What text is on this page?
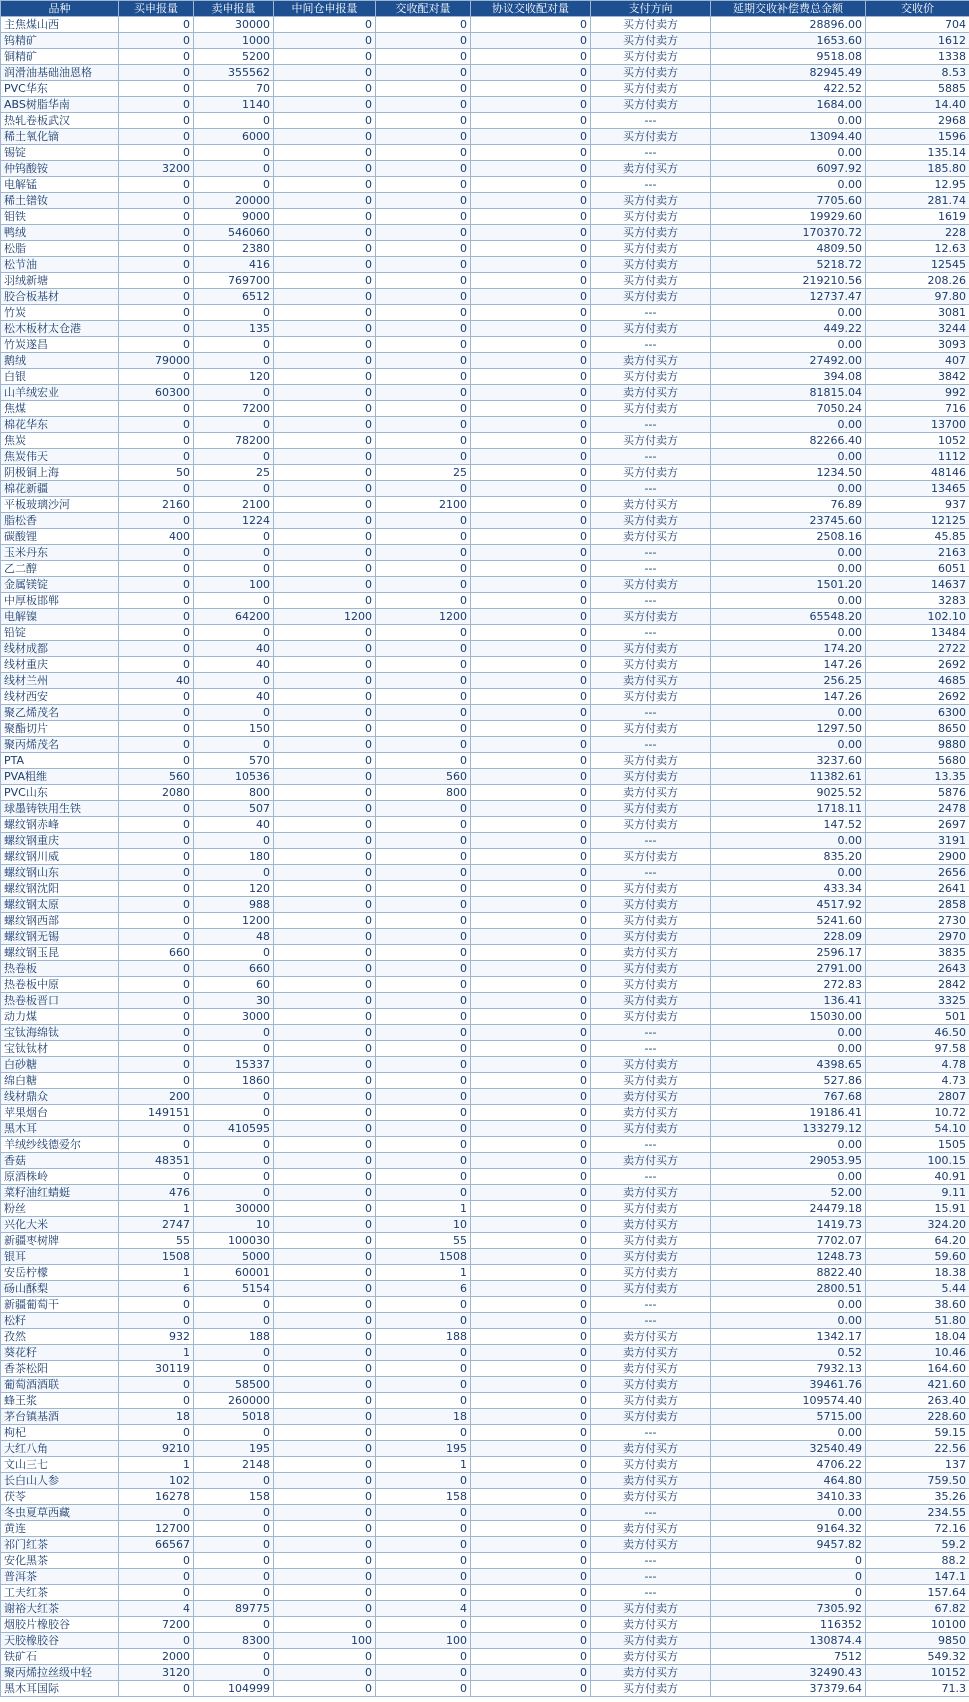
品种	买申报量	卖申报量	中间仓申报量	交收配对量	协议交收配对量	支付方向	延期交收补偿费总金额	交收价
主焦煤山西	0	30000	0	0	0	买方付卖方	28896.00	704
钨精矿	0	1000	0	0	0	买方付卖方	1653.60	1612
铜精矿	0	5200	0	0	0	买方付卖方	9518.08	1338
润滑油基础油恩格	0	355562	0	0	0	买方付卖方	82945.49	8.53
PVC华东	0	70	0	0	0	买方付卖方	422.52	5885
ABS树脂华南	0	1140	0	0	0	买方付卖方	1684.00	14.40
热轧卷板武汉	0	0	0	0	0	---	0.00	2968
稀土氧化镝	0	6000	0	0	0	买方付卖方	13094.40	1596
锡锭	0	0	0	0	0	---	0.00	135.14
仲钨酸铵	3200	0	0	0	0	卖方付买方	6097.92	185.80
电解锰	0	0	0	0	0	---	0.00	12.95
稀土镨钕	0	20000	0	0	0	买方付卖方	7705.60	281.74
钼铁	0	9000	0	0	0	买方付卖方	19929.60	1619
鸭绒	0	546060	0	0	0	买方付卖方	170370.72	228
松脂	0	2380	0	0	0	买方付卖方	4809.50	12.63
松节油	0	416	0	0	0	买方付卖方	5218.72	12545
羽绒新塘	0	769700	0	0	0	买方付卖方	219210.56	208.26
胶合板基材	0	6512	0	0	0	买方付卖方	12737.47	97.80
竹炭	0	0	0	0	0	---	0.00	3081
松木板材太仓港	0	135	0	0	0	买方付卖方	449.22	3244
竹炭遂昌	0	0	0	0	0	---	0.00	3093
鹅绒	79000	0	0	0	0	卖方付买方	27492.00	407
白银	0	120	0	0	0	买方付卖方	394.08	3842
山羊绒宏业	60300	0	0	0	0	卖方付买方	81815.04	992
焦煤	0	7200	0	0	0	买方付卖方	7050.24	716
棉花华东	0	0	0	0	0	---	0.00	13700
焦炭	0	78200	0	0	0	买方付卖方	82266.40	1052
焦炭伟天	0	0	0	0	0	---	0.00	1112
阴极铜上海	50	25	0	25	0	买方付卖方	1234.50	48146
棉花新疆	0	0	0	0	0	---	0.00	13465
平板玻璃沙河	2160	2100	0	2100	0	卖方付买方	76.89	937
脂松香	0	1224	0	0	0	买方付卖方	23745.60	12125
碳酸锂	400	0	0	0	0	卖方付买方	2508.16	45.85
玉米丹东	0	0	0	0	0	---	0.00	2163
乙二醇	0	0	0	0	0	---	0.00	6051
金属镁锭	0	100	0	0	0	买方付卖方	1501.20	14637
中厚板邯郸	0	0	0	0	0	---	0.00	3283
电解镍	0	64200	1200	1200	0	买方付卖方	65548.20	102.10
铅锭	0	0	0	0	0	---	0.00	13484
线材成都	0	40	0	0	0	买方付卖方	174.20	2722
线材重庆	0	40	0	0	0	买方付卖方	147.26	2692
线材兰州	40	0	0	0	0	卖方付买方	256.25	4685
线材西安	0	40	0	0	0	买方付卖方	147.26	2692
聚乙烯茂名	0	0	0	0	0	---	0.00	6300
聚酯切片	0	150	0	0	0	买方付卖方	1297.50	8650
聚丙烯茂名	0	0	0	0	0	---	0.00	9880
PTA	0	570	0	0	0	买方付卖方	3237.60	5680
PVA粗维	560	10536	0	560	0	买方付卖方	11382.61	13.35
PVC山东	2080	800	0	800	0	卖方付买方	9025.52	5876
球墨铸铁用生铁	0	507	0	0	0	买方付卖方	1718.11	2478
螺纹钢赤峰	0	40	0	0	0	买方付卖方	147.52	2697
螺纹钢重庆	0	0	0	0	0	---	0.00	3191
螺纹钢川威	0	180	0	0	0	买方付卖方	835.20	2900
螺纹钢山东	0	0	0	0	0	---	0.00	2656
螺纹钢沈阳	0	120	0	0	0	买方付卖方	433.34	2641
螺纹钢太原	0	988	0	0	0	买方付卖方	4517.92	2858
螺纹钢西部	0	1200	0	0	0	买方付卖方	5241.60	2730
螺纹钢无锡	0	48	0	0	0	买方付卖方	228.09	2970
螺纹钢玉昆	660	0	0	0	0	卖方付买方	2596.17	3835
热卷板	0	660	0	0	0	买方付卖方	2791.00	2643
热卷板中原	0	60	0	0	0	买方付卖方	272.83	2842
热卷板晋口	0	30	0	0	0	买方付卖方	136.41	3325
动力煤	0	3000	0	0	0	买方付卖方	15030.00	501
宝钛海绵钛	0	0	0	0	0	---	0.00	46.50
宝钛钛材	0	0	0	0	0	---	0.00	97.58
白砂糖	0	15337	0	0	0	买方付卖方	4398.65	4.78
绵白糖	0	1860	0	0	0	买方付卖方	527.86	4.73
线材鼎众	200	0	0	0	0	卖方付买方	767.68	2807
苹果烟台	149151	0	0	0	0	卖方付买方	19186.41	10.72
黑木耳	0	410595	0	0	0	买方付卖方	133279.12	54.10
羊绒纱线德爱尔	0	0	0	0	0	---	0.00	1505
香菇	48351	0	0	0	0	卖方付买方	29053.95	100.15
原酒株岭	0	0	0	0	0	---	0.00	40.91
菜籽油红蜻蜓	476	0	0	0	0	卖方付买方	52.00	9.11
粉丝	1	30000	0	1	0	买方付卖方	24479.18	15.91
兴化大米	2747	10	0	10	0	卖方付买方	1419.73	324.20
新疆枣树牌	55	100030	0	55	0	买方付卖方	7702.07	64.20
银耳	1508	5000	0	1508	0	买方付卖方	1248.73	59.60
安岳柠檬	1	60001	0	1	0	买方付卖方	8822.40	18.38
砀山酥梨	6	5154	0	6	0	买方付卖方	2800.51	5.44
新疆葡萄干	0	0	0	0	0	---	0.00	38.60
松籽	0	0	0	0	0	---	0.00	51.80
孜然	932	188	0	188	0	卖方付买方	1342.17	18.04
葵花籽	1	0	0	0	0	卖方付买方	0.52	10.46
香茶松阳	30119	0	0	0	0	卖方付买方	7932.13	164.60
葡萄酒酒联	0	58500	0	0	0	买方付卖方	39461.76	421.60
蜂王浆	0	260000	0	0	0	买方付卖方	109574.40	263.40
茅台镇基酒	18	5018	0	18	0	买方付卖方	5715.00	228.60
枸杞	0	0	0	0	0	---	0.00	59.15
大红八角	9210	195	0	195	0	卖方付买方	32540.49	22.56
文山三七	1	2148	0	1	0	买方付卖方	4706.22	137
长白山人参	102	0	0	0	0	卖方付买方	464.80	759.50
茯苓	16278	158	0	158	0	卖方付买方	3410.33	35.26
冬虫夏草西藏	0	0	0	0	0	---	0.00	234.55
黄连	12700	0	0	0	0	卖方付买方	9164.32	72.16
祁门红茶	66567	0	0	0	0	卖方付买方	9457.82	59.2
安化黑茶	0	0	0	0	0	---	0	88.2
普洱茶	0	0	0	0	0	---	0	147.1
工夫红茶	0	0	0	0	0	---	0	157.64
谢裕大红茶	4	89775	0	4	0	买方付卖方	7305.92	67.82
烟胶片橡胶谷	7200	0	0	0	0	卖方付买方	116352	10100
天胶橡胶谷	0	8300	100	100	0	买方付卖方	130874.4	9850
铁矿石	2000	0	0	0	0	卖方付买方	7512	549.32
聚丙烯拉丝级中轻	3120	0	0	0	0	卖方付买方	32490.43	10152
黑木耳国际	0	104999	0	0	0	买方付卖方	37379.64	71.3
